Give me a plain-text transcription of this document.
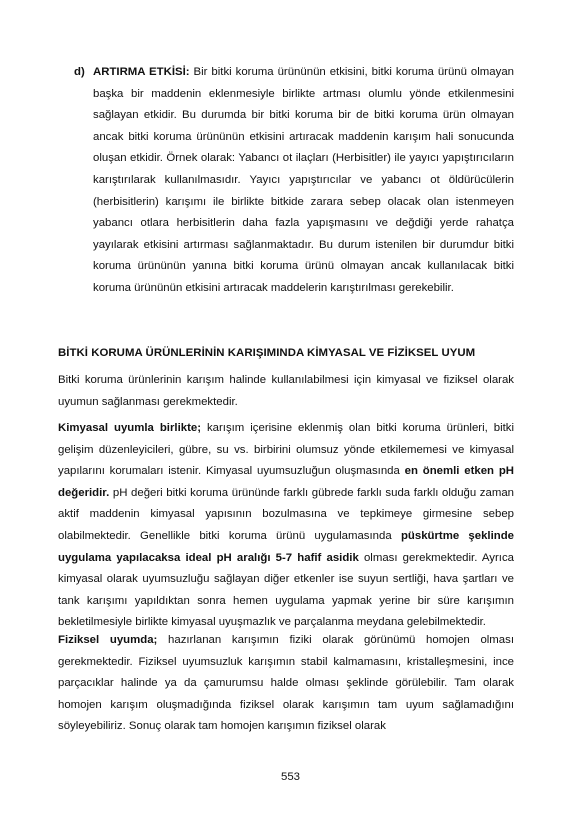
d) ARTIRMA ETKİSİ: Bir bitki koruma ürününün etkisini, bitki koruma ürünü olmayan başka bir maddenin eklenmesiyle birlikte artması olumlu yönde etkilenmesini sağlayan etkidir. Bu durumda bir bitki koruma bir de bitki koruma ürün olmayan ancak bitki koruma ürününün etkisini artıracak maddenin karışım hali sonucunda oluşan etkidir. Örnek olarak: Yabancı ot ilaçları (Herbisitler) ile yayıcı yapıştırıcıların karıştırılarak kullanılmasıdır. Yayıcı yapıştırıcılar ve yabancı ot öldürücülerin (herbisitlerin) karışımı ile birlikte bitkide zarara sebep olacak olan istenmeyen yabancı otlara herbisitlerin daha fazla yapışmasını ve değdiği yerde rahatça yayılarak etkisini artırması sağlanmaktadır. Bu durum istenilen bir durumdur bitki koruma ürününün yanına bitki koruma ürünü olmayan ancak kullanılacak bitki koruma ürününün etkisini artıracak maddelerin karıştırılması gerekebilir.

BİTKİ KORUMA ÜRÜNLERİNİN KARIŞIMINDA KİMYASAL VE FİZİKSEL UYUM

Bitki koruma ürünlerinin karışım halinde kullanılabilmesi için kimyasal ve fiziksel olarak uyumun sağlanması gerekmektedir.

Kimyasal uyumla birlikte; karışım içerisine eklenmiş olan bitki koruma ürünleri, bitki gelişim düzenleyicileri, gübre, su vs. birbirini olumsuz yönde etkilememesi ve kimyasal yapılarını korumaları istenir. Kimyasal uyumsuzluğun oluşmasında en önemli etken pH değeridir. pH değeri bitki koruma ürününde farklı gübrede farklı suda farklı olduğu zaman aktif maddenin kimyasal yapısının bozulmasına ve tepkimeye girmesine sebep olabilmektedir. Genellikle bitki koruma ürünü uygulamasında püskürtme şeklinde uygulama yapılacaksa ideal pH aralığı 5-7 hafif asidik olması gerekmektedir. Ayrıca kimyasal olarak uyumsuzluğu sağlayan diğer etkenler ise suyun sertliği, hava şartları ve tank karışımı yapıldıktan sonra hemen uygulama yapmak yerine bir süre karışımın bekletilmesiyle birlikte kimyasal uyuşmazlık ve parçalanma meydana gelebilmektedir.

Fiziksel uyumda; hazırlanan karışımın fiziki olarak görünümü homojen olması gerekmektedir. Fiziksel uyumsuzluk karışımın stabil kalmamasını, kristalleşmesini, ince parçacıklar halinde ya da çamurumsu halde olması şeklinde görülebilir. Tam olarak homojen karışım oluşmadığında fiziksel olarak karışımın tam uyum sağlamadığını söyleyebiliriz. Sonuç olarak tam homojen karışımın fiziksel olarak

553
